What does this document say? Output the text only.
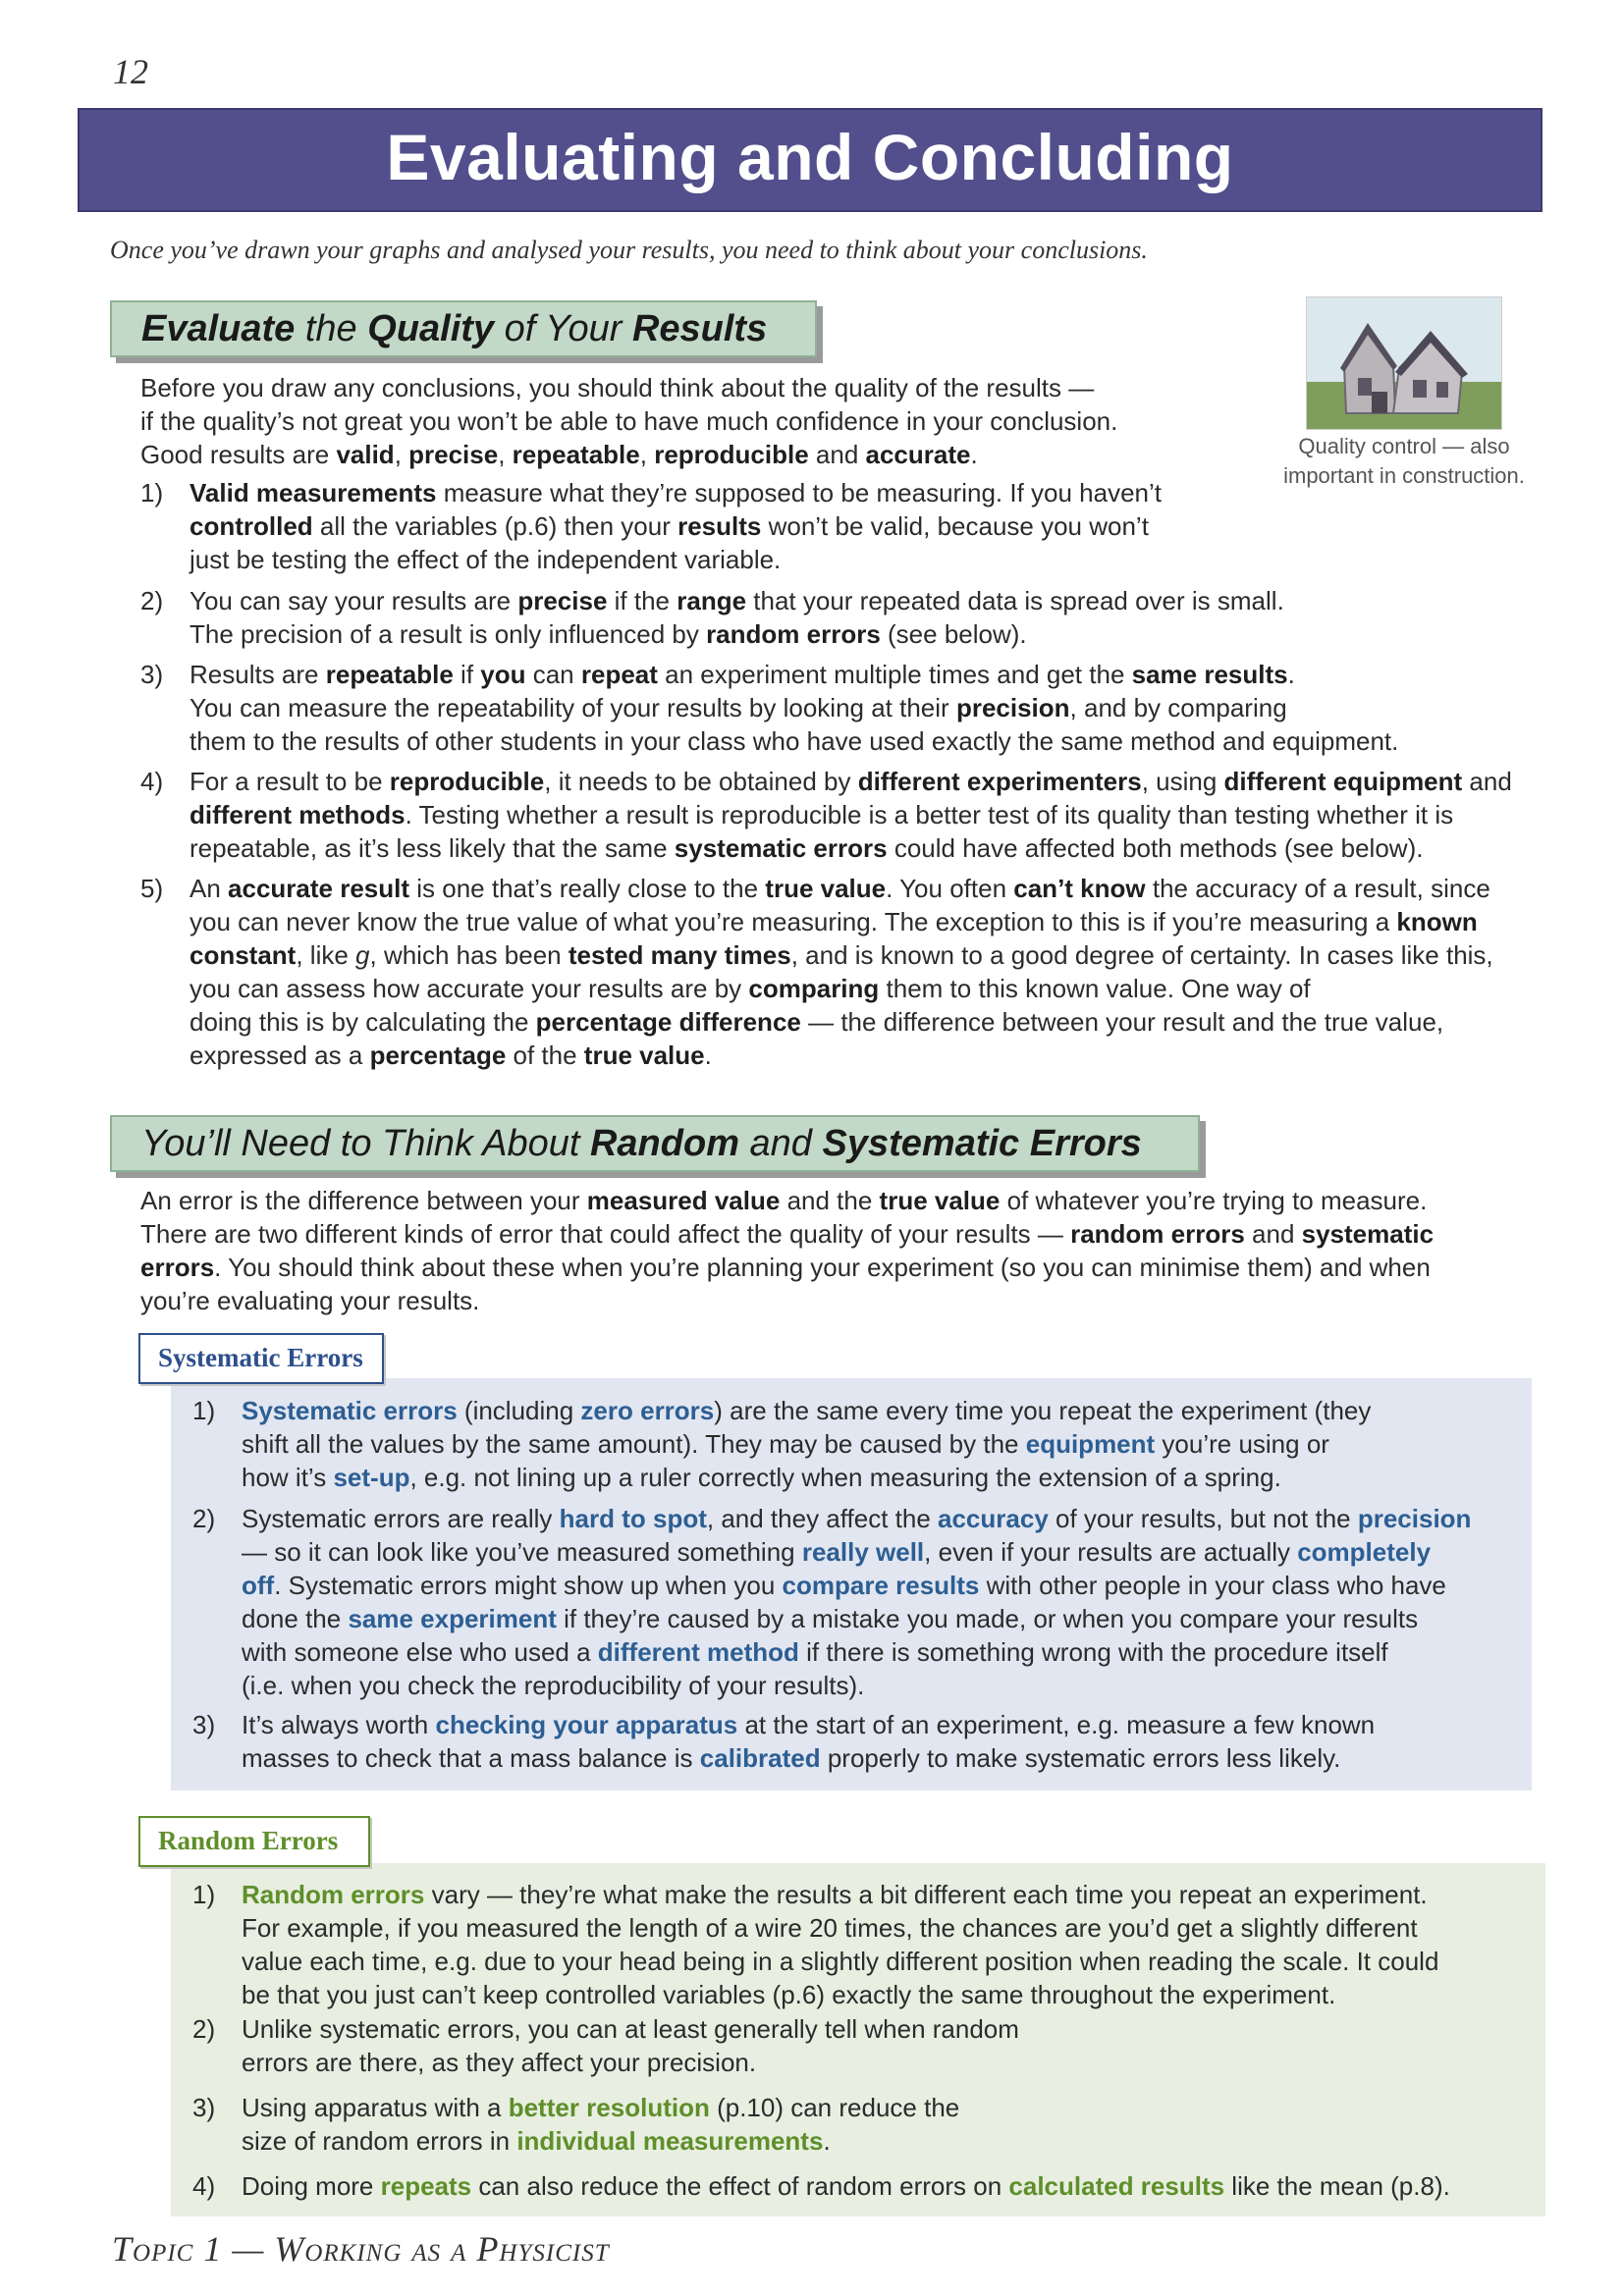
12
Evaluating and Concluding
Once you’ve drawn your graphs and analysed your results, you need to think about your conclusions.
Evaluate the Quality of Your Results
Quality control — also important in construction.
Before you draw any conclusions, you should think about the quality of the results —
if the quality’s not great you won’t be able to have much confidence in your conclusion.
Good results are valid, precise, repeatable, reproducible and accurate.
1) Valid measurements measure what they’re supposed to be measuring. If you haven’t
controlled all the variables (p.6) then your results won’t be valid, because you won’t
just be testing the effect of the independent variable.
2) You can say your results are precise if the range that your repeated data is spread over is small.
The precision of a result is only influenced by random errors (see below).
3) Results are repeatable if you can repeat an experiment multiple times and get the same results.
You can measure the repeatability of your results by looking at their precision, and by comparing
them to the results of other students in your class who have used exactly the same method and equipment.
4) For a result to be reproducible, it needs to be obtained by different experimenters, using different equipment and
different methods. Testing whether a result is reproducible is a better test of its quality than testing whether it is
repeatable, as it’s less likely that the same systematic errors could have affected both methods (see below).
5) An accurate result is one that’s really close to the true value. You often can’t know the accuracy of a result, since
you can never know the true value of what you’re measuring. The exception to this is if you’re measuring a known
constant, like g, which has been tested many times, and is known to a good degree of certainty. In cases like this,
you can assess how accurate your results are by comparing them to this known value. One way of
doing this is by calculating the percentage difference — the difference between your result and the true value,
expressed as a percentage of the true value.
You’ll Need to Think About Random and Systematic Errors
An error is the difference between your measured value and the true value of whatever you’re trying to measure.
There are two different kinds of error that could affect the quality of your results — random errors and systematic
errors. You should think about these when you’re planning your experiment (so you can minimise them) and when
you’re evaluating your results.
Systematic Errors
1) Systematic errors (including zero errors) are the same every time you repeat the experiment (they
shift all the values by the same amount). They may be caused by the equipment you’re using or
how it’s set-up, e.g. not lining up a ruler correctly when measuring the extension of a spring.
2) Systematic errors are really hard to spot, and they affect the accuracy of your results, but not the precision
— so it can look like you’ve measured something really well, even if your results are actually completely
off. Systematic errors might show up when you compare results with other people in your class who have
done the same experiment if they’re caused by a mistake you made, or when you compare your results
with someone else who used a different method if there is something wrong with the procedure itself
(i.e. when you check the reproducibility of your results).
3) It’s always worth checking your apparatus at the start of an experiment, e.g. measure a few known
masses to check that a mass balance is calibrated properly to make systematic errors less likely.
Random Errors
1) Random errors vary — they’re what make the results a bit different each time you repeat an experiment.
For example, if you measured the length of a wire 20 times, the chances are you’d get a slightly different
value each time, e.g. due to your head being in a slightly different position when reading the scale. It could
be that you just can’t keep controlled variables (p.6) exactly the same throughout the experiment.
2) Unlike systematic errors, you can at least generally tell when random
errors are there, as they affect your precision.
3) Using apparatus with a better resolution (p.10) can reduce the
size of random errors in individual measurements.
4) Doing more repeats can also reduce the effect of random errors on calculated results like the mean (p.8).
Topic 1 — Working as a Physicist
